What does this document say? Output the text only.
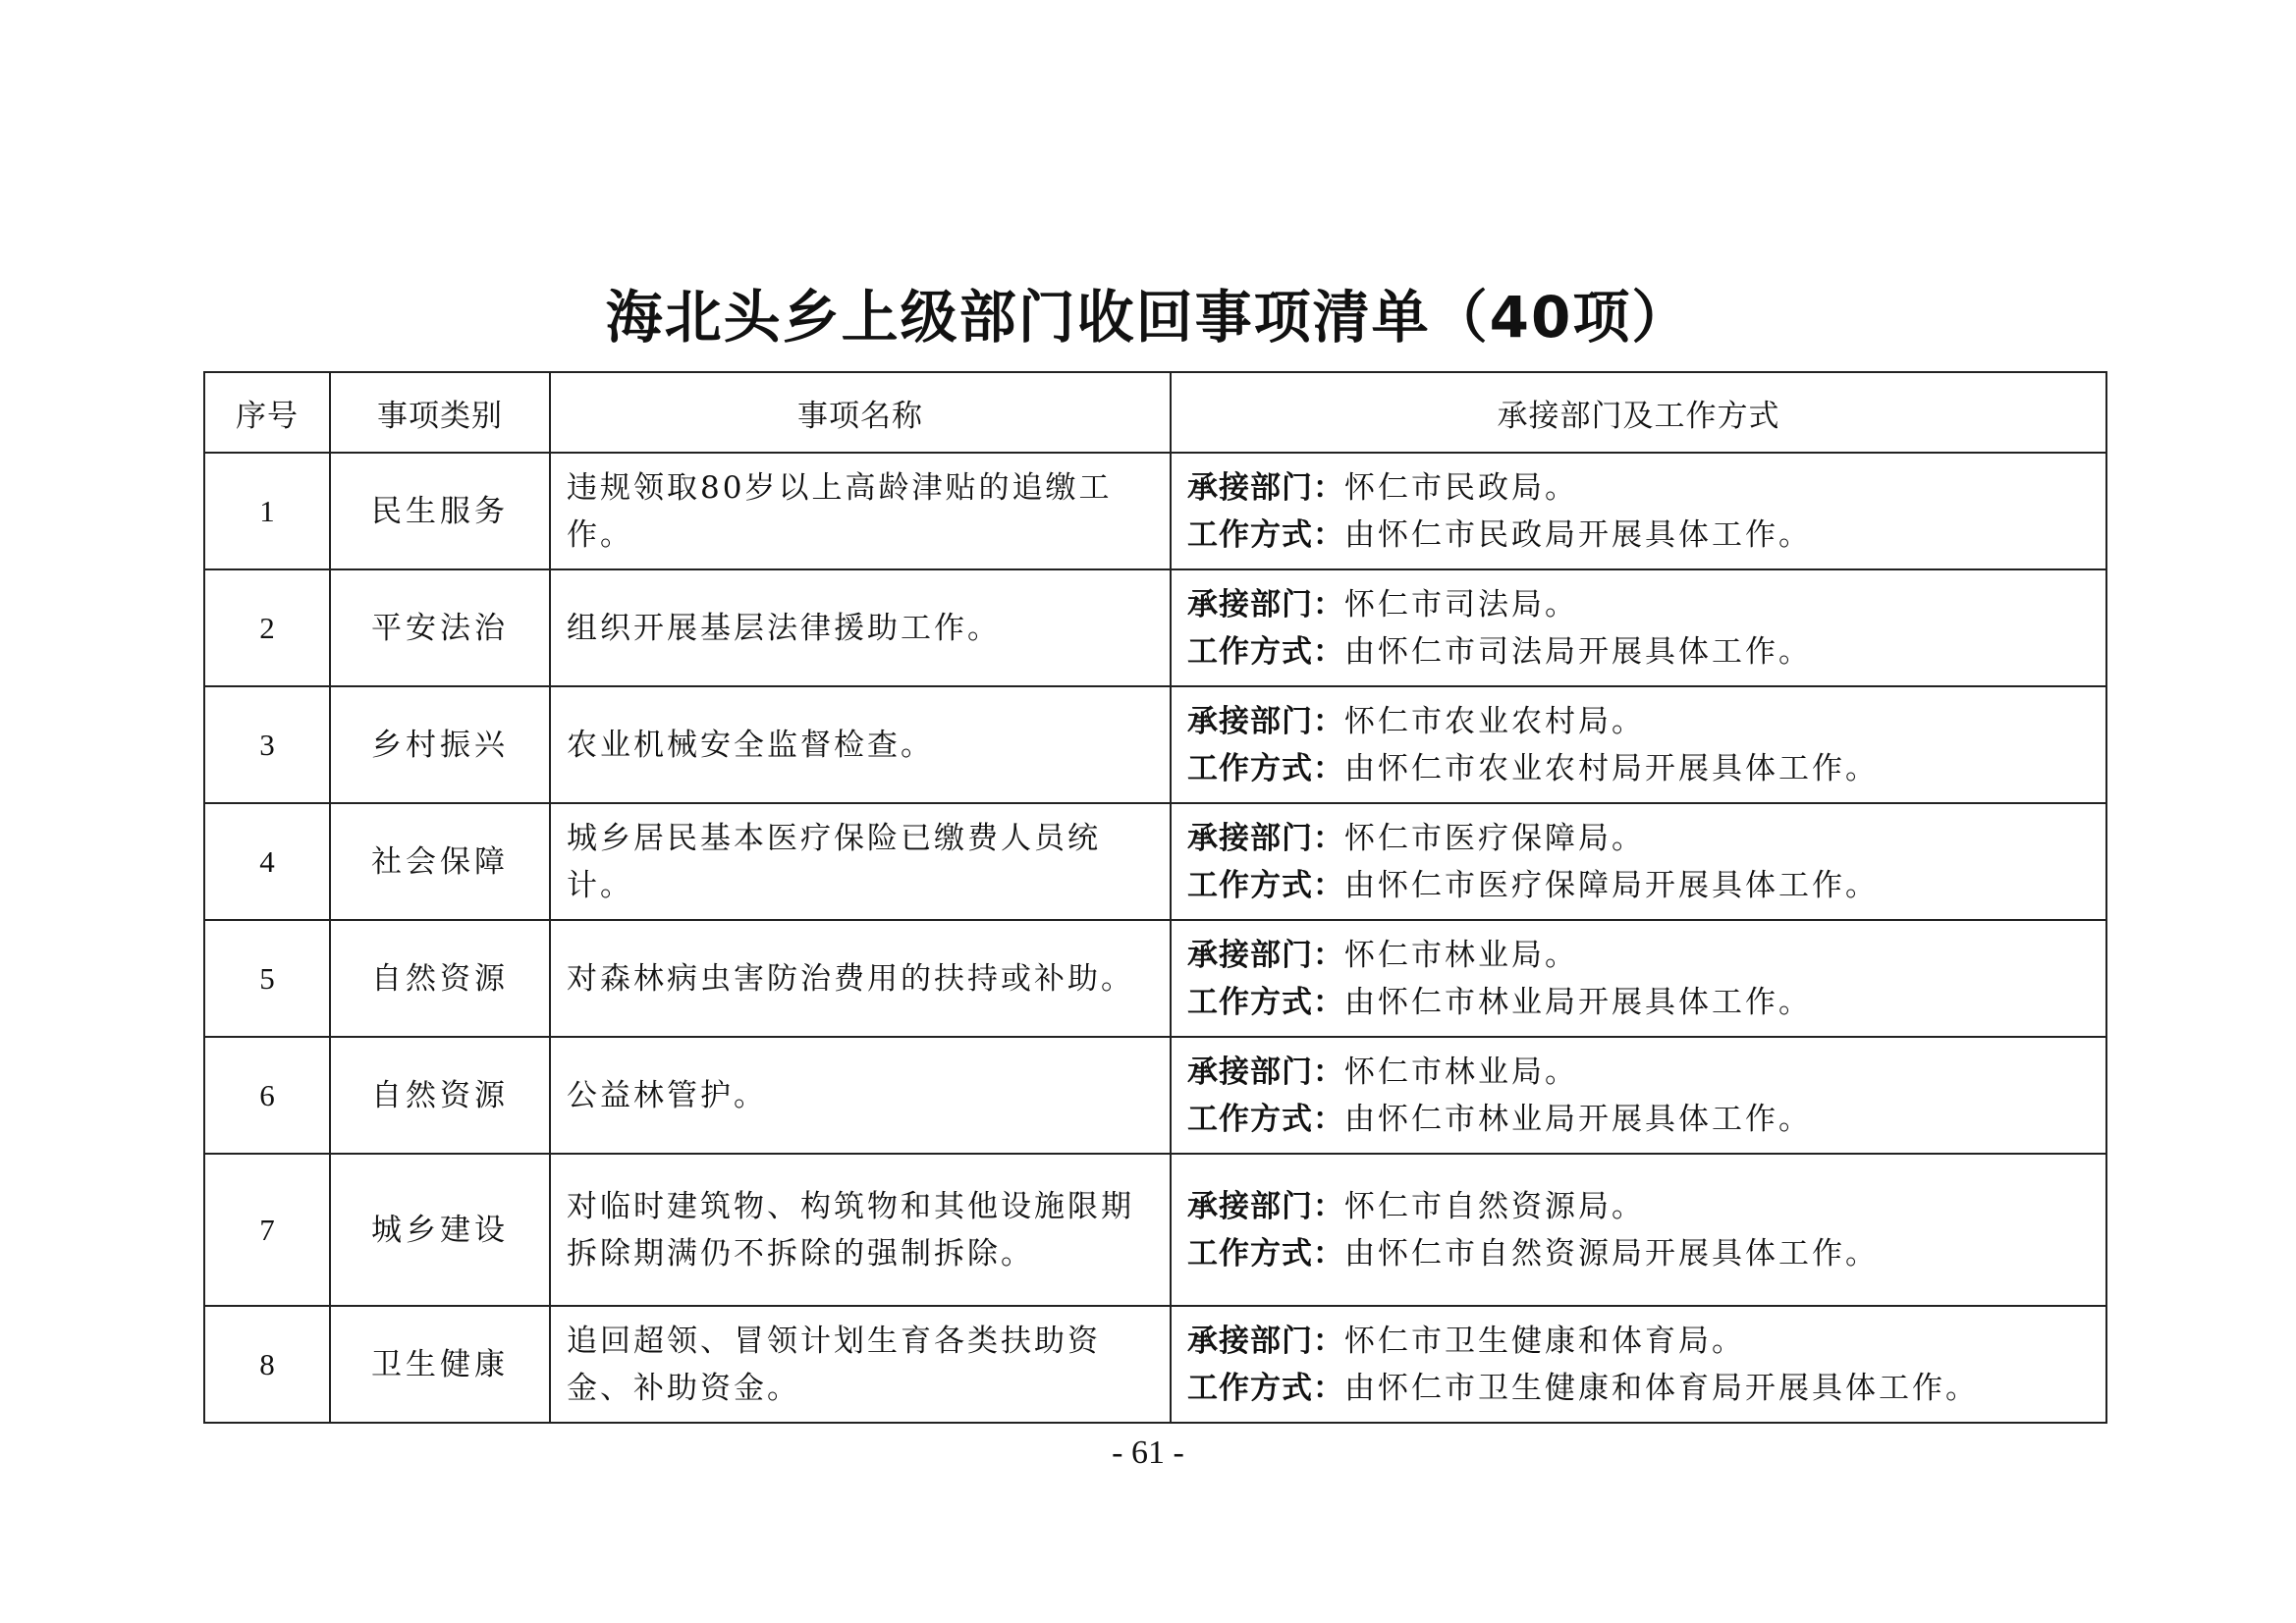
海北头乡上级部门收回事项清单（40项）
序号	事项类别	事项名称	承接部门及工作方式
1	民生服务	违规领取80岁以上高龄津贴的追缴工作。	承接部门：怀仁市民政局。
工作方式：由怀仁市民政局开展具体工作。

2	平安法治	组织开展基层法律援助工作。	承接部门：怀仁市司法局。
工作方式：由怀仁市司法局开展具体工作。

3	乡村振兴	农业机械安全监督检查。	承接部门：怀仁市农业农村局。
工作方式：由怀仁市农业农村局开展具体工作。

4	社会保障	城乡居民基本医疗保险已缴费人员统计。	承接部门：怀仁市医疗保障局。
工作方式：由怀仁市医疗保障局开展具体工作。

5	自然资源	对森林病虫害防治费用的扶持或补助。	承接部门：怀仁市林业局。
工作方式：由怀仁市林业局开展具体工作。

6	自然资源	公益林管护。	承接部门：怀仁市林业局。
工作方式：由怀仁市林业局开展具体工作。

7	城乡建设	对临时建筑物、构筑物和其他设施限期拆除期满仍不拆除的强制拆除。	承接部门：怀仁市自然资源局。
工作方式：由怀仁市自然资源局开展具体工作。

8	卫生健康	追回超领、冒领计划生育各类扶助资金、补助资金。	承接部门：怀仁市卫生健康和体育局。
工作方式：由怀仁市卫生健康和体育局开展具体工作。
- 61 -
